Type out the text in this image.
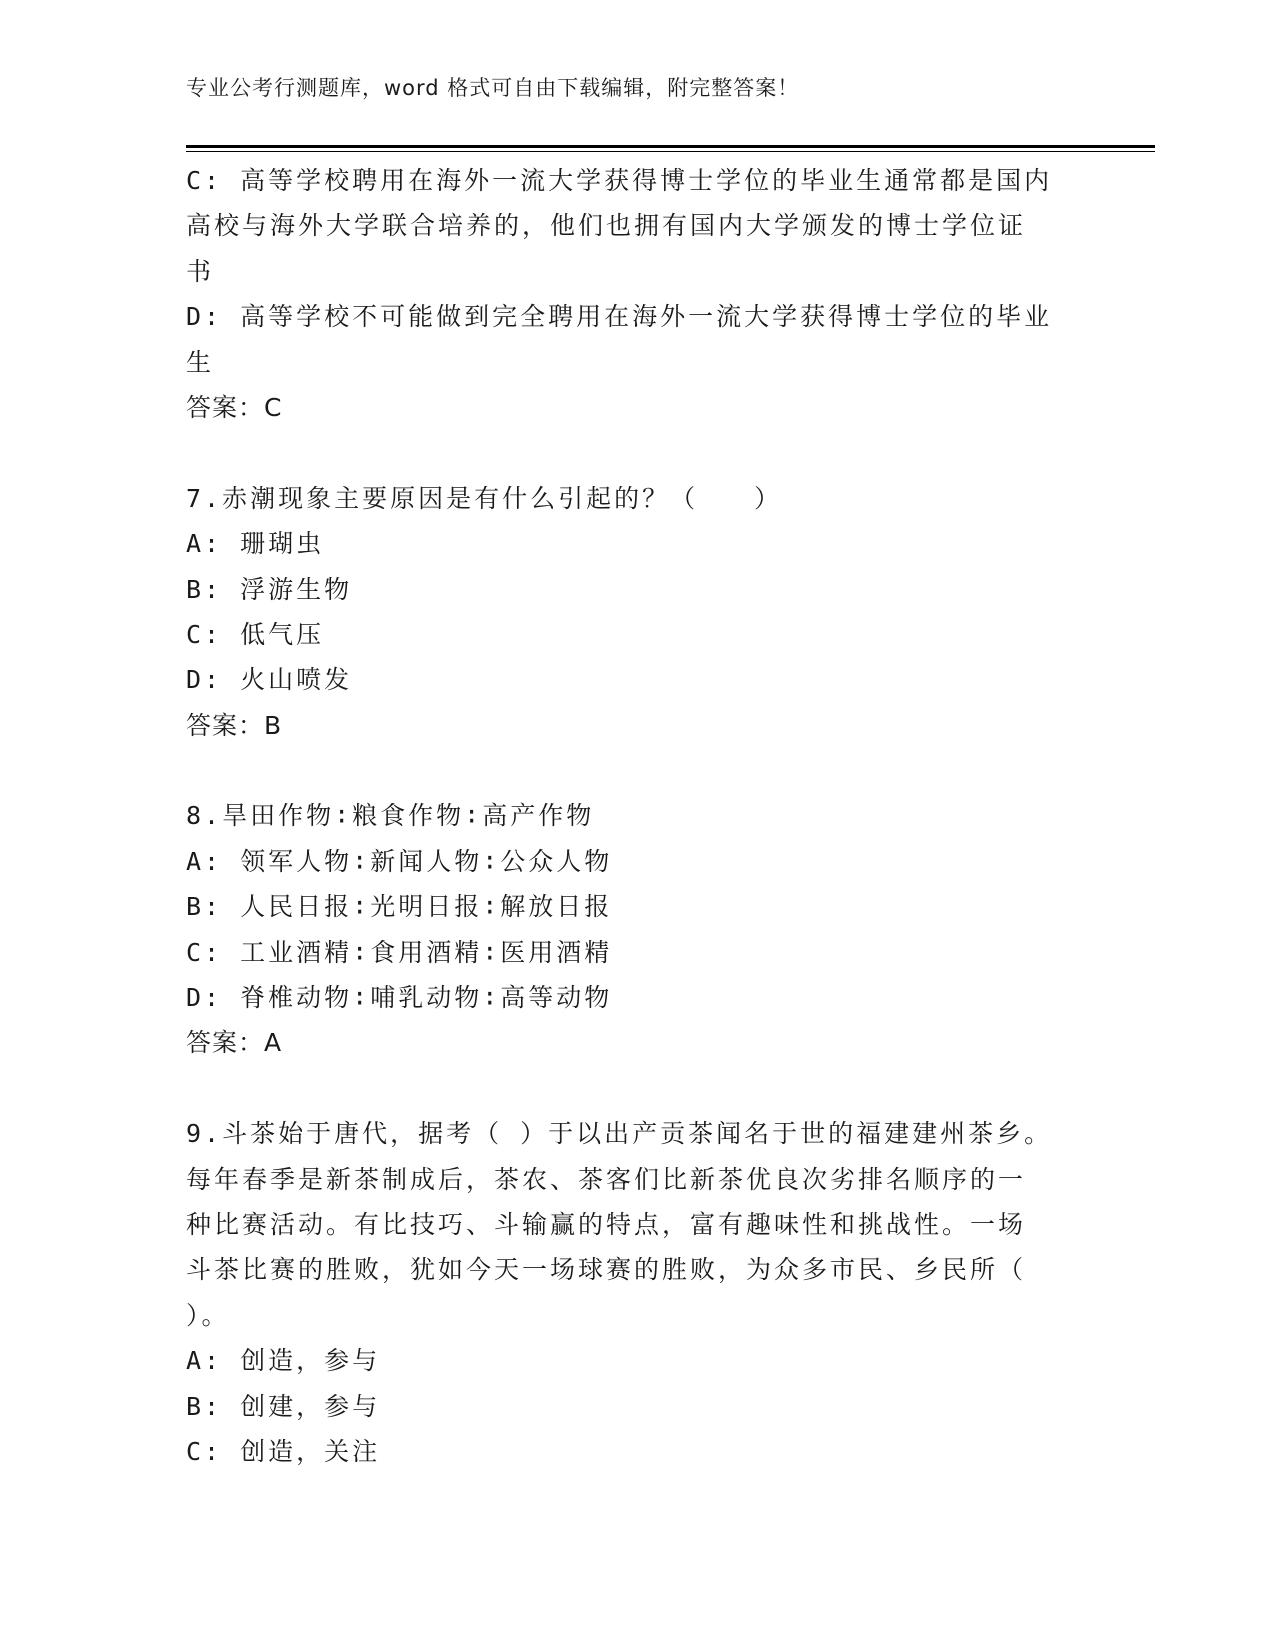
专业公考行测题库，word 格式可自由下载编辑，附完整答案！
C: 高等学校聘用在海外一流大学获得博士学位的毕业生通常都是国内
高校与海外大学联合培养的，他们也拥有国内大学颁发的博士学位证
书
D: 高等学校不可能做到完全聘用在海外一流大学获得博士学位的毕业
生
答案：C
7.赤潮现象主要原因是有什么引起的？（　　）
A: 珊瑚虫
B: 浮游生物
C: 低气压
D: 火山喷发
答案：B
8.旱田作物∶粮食作物∶高产作物
A: 领军人物∶新闻人物∶公众人物
B: 人民日报∶光明日报∶解放日报
C: 工业酒精∶食用酒精∶医用酒精
D: 脊椎动物∶哺乳动物∶高等动物
答案：A
9.斗茶始于唐代，据考（ ）于以出产贡茶闻名于世的福建建州茶乡。
每年春季是新茶制成后，茶农、茶客们比新茶优良次劣排名顺序的一
种比赛活动。有比技巧、斗输赢的特点，富有趣味性和挑战性。一场
斗茶比赛的胜败，犹如今天一场球赛的胜败，为众多市民、乡民所（
）。
A: 创造，参与
B: 创建，参与
C: 创造，关注
